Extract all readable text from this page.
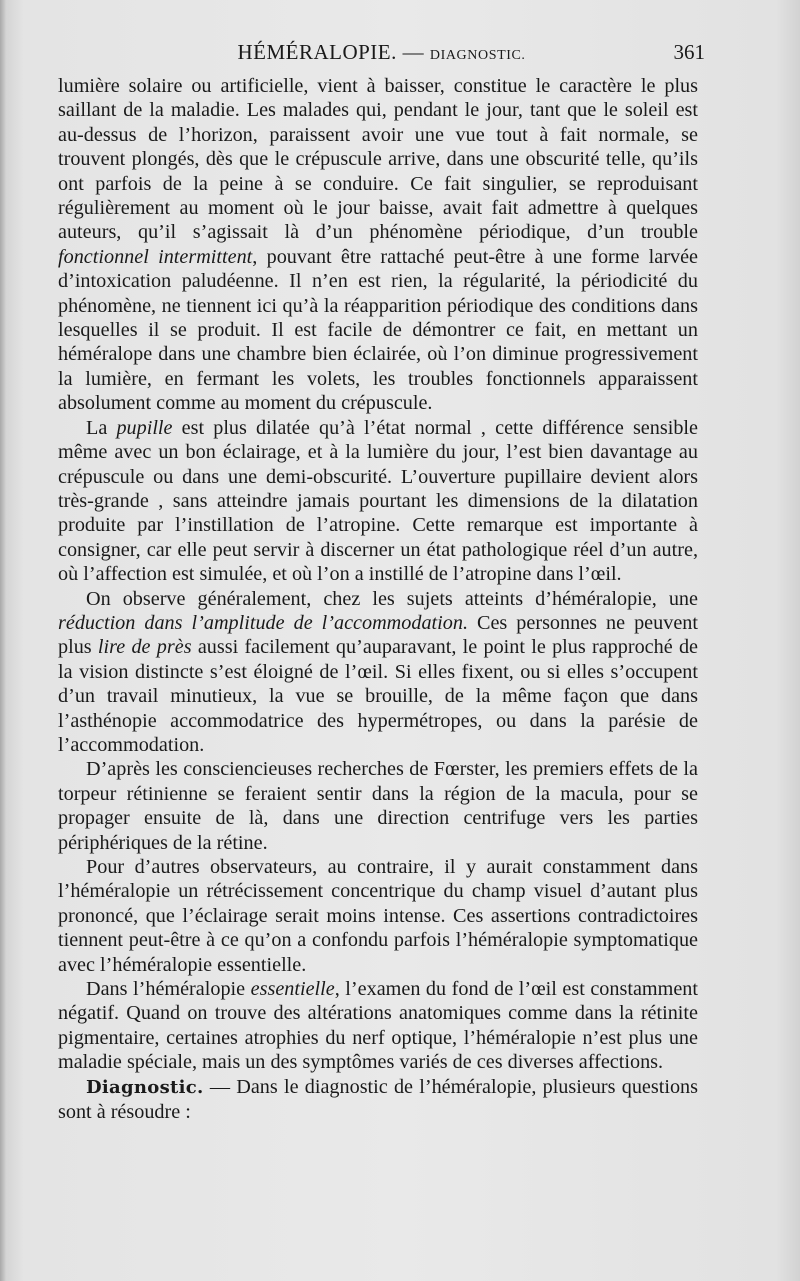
HÉMÉRALOPIE. — DIAGNOSTIC.	361

lumière solaire ou artificielle, vient à baisser, constitue le caractère le plus saillant de la maladie. Les malades qui, pendant le jour, tant que le soleil est au-dessus de l’horizon, paraissent avoir une vue tout à fait normale, se trouvent plongés, dès que le crépuscule arrive, dans une obscurité telle, qu’ils ont parfois de la peine à se conduire. Ce fait singulier, se reproduisant régulièrement au moment où le jour baisse, avait fait admettre à quelques auteurs, qu’il s’agissait là d’un phénomène périodique, d’un trouble fonctionnel intermittent, pouvant être rattaché peut-être à une forme larvée d’intoxication paludéenne. Il n’en est rien, la régularité, la périodicité du phénomène, ne tiennent ici qu’à la réapparition périodique des conditions dans lesquelles il se produit. Il est facile de démontrer ce fait, en mettant un héméralope dans une chambre bien éclairée, où l’on diminue progressivement la lumière, en fermant les volets, les troubles fonctionnels apparaissent absolument comme au moment du crépuscule.

La pupille est plus dilatée qu’à l’état normal , cette différence sensible même avec un bon éclairage, et à la lumière du jour, l’est bien davantage au crépuscule ou dans une demi-obscurité. L’ouverture pupillaire devient alors très-grande , sans atteindre jamais pourtant les dimensions de la dilatation produite par l’instillation de l’atropine. Cette remarque est importante à consigner, car elle peut servir à discerner un état pathologique réel d’un autre, où l’affection est simulée, et où l’on a instillé de l’atropine dans l’œil.

On observe généralement, chez les sujets atteints d’héméralopie, une réduction dans l’amplitude de l’accommodation. Ces personnes ne peuvent plus lire de près aussi facilement qu’auparavant, le point le plus rapproché de la vision distincte s’est éloigné de l’œil. Si elles fixent, ou si elles s’occupent d’un travail minutieux, la vue se brouille, de la même façon que dans l’asthénopie accommodatrice des hypermétropes, ou dans la parésie de l’accommodation.

D’après les consciencieuses recherches de Fœrster, les premiers effets de la torpeur rétinienne se feraient sentir dans la région de la macula, pour se propager ensuite de là, dans une direction centrifuge vers les parties périphériques de la rétine.

Pour d’autres observateurs, au contraire, il y aurait constamment dans l’héméralopie un rétrécissement concentrique du champ visuel d’autant plus prononcé, que l’éclairage serait moins intense. Ces assertions contradictoires tiennent peut-être à ce qu’on a confondu parfois l’héméralopie symptomatique avec l’héméralopie essentielle.

Dans l’héméralopie essentielle, l’examen du fond de l’œil est constamment négatif. Quand on trouve des altérations anatomiques comme dans la rétinite pigmentaire, certaines atrophies du nerf optique, l’héméralopie n’est plus une maladie spéciale, mais un des symptômes variés de ces diverses affections.

Diagnostic. — Dans le diagnostic de l’héméralopie, plusieurs questions sont à résoudre :
